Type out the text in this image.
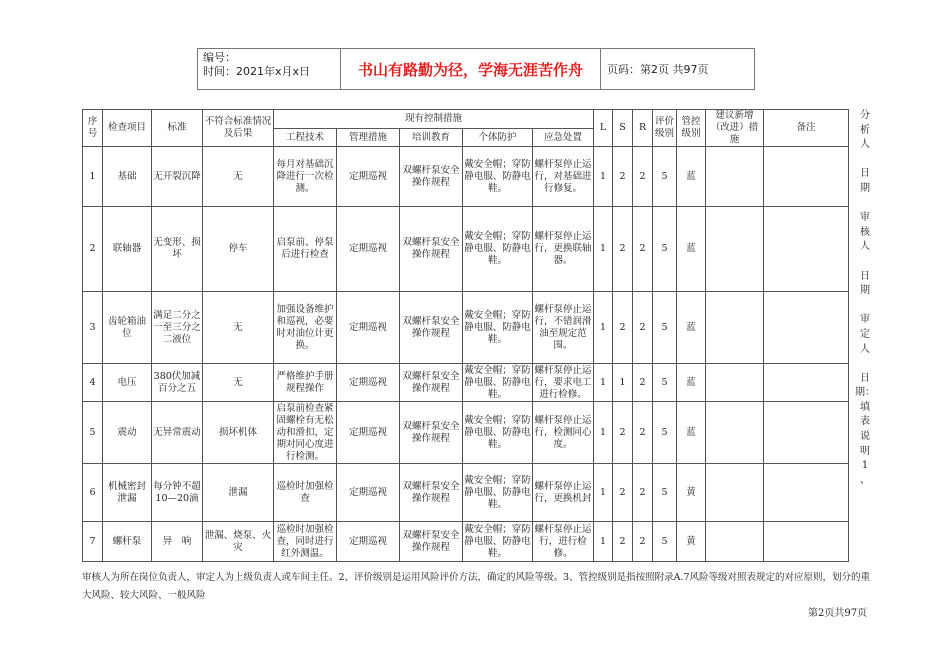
编号：
时间：2021年x月x日	书山有路勤为径，学海无涯苦作舟	页码：第2页 共97页
序号	检查项目	标准	不符合标准情况及后果	现有控制措施					L	S	R	评价级别	管控级别	建议新增（改进）措施	备注
				工程技术	管理措施	培训教育	个体防护	应急处置							
1	基础	无开裂沉降	无	每月对基础沉降进行一次检测。	定期巡视	双螺杆泵安全操作规程	戴安全帽；穿防静电服、防静电鞋。	螺杆泵停止运行，对基础进行修复。	1	2	2	5	蓝		
2	联轴器	无变形、损坏	停车	启泵前、停泵后进行检查	定期巡视	双螺杆泵安全操作规程	戴安全帽；穿防静电服、防静电鞋。	螺杆泵停止运行，更换联轴器。	1	2	2	5	蓝		
3	齿轮箱油位	满足二分之一至三分之二液位	无	加强设备维护和巡视，必要时对油位计更换。	定期巡视	双螺杆泵安全操作规程	戴安全帽；穿防静电服、防静电鞋。	螺杆泵停止运行，不错润滑油至规定范围。	1	2	2	5	蓝		
4	电压	380伏加减百分之五	无	严格维护手册规程操作	定期巡视	双螺杆泵安全操作规程	戴安全帽；穿防静电服、防静电鞋。	螺杆泵停止运行，要求电工进行检修。	1	1	2	5	蓝		
5	震动	无异常震动	损坏机体	启泵前检查紧固螺栓有无松动和滑扣，定期对同心度进行检测。	定期巡视	双螺杆泵安全操作规程	戴安全帽；穿防静电服、防静电鞋。	螺杆泵停止运行，检测同心度。	1	2	2	5	蓝		
6	机械密封泄漏	每分钟不超10—20滴	泄漏	巡检时加强检查	定期巡视	双螺杆泵安全操作规程	戴安全帽；穿防静电服、防静电鞋。	螺杆泵停止运行，更换机封	1	2	2	5	黄		
7	螺杆泵	异　响	泄漏、烧泵、火灾	巡检时加强检查，同时进行红外测温。	定期巡视	双螺杆泵安全操作规程	戴安全帽；穿防静电服、防静电鞋。	螺杆泵停止运行，进行检修。	1	2	2	5	黄		
分
析
人

日
期

审
核
人

日
期

审
定
人

日
期：
填
表
说
明
1
、
审核人为所在岗位负责人，审定人为上级负责人或车间主任。2、评价级别是运用风险评价方法，确定的风险等级。3、管控级别是指按照附录A.7风险等级对照表规定的对应原则，划分的重大风险、较大风险、一般风险
第2页共97页
